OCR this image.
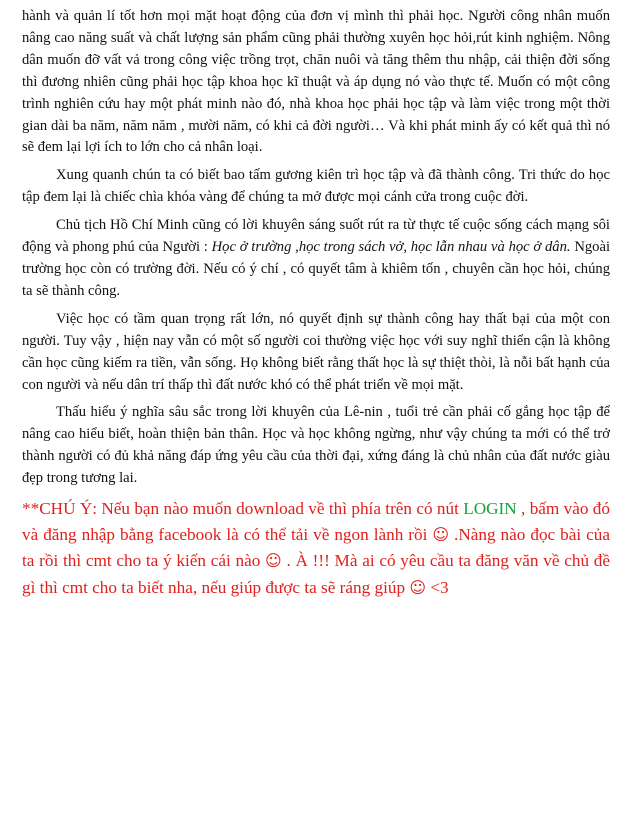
hành và quản lí tốt hơn mọi mặt hoạt động của đơn vị mình thì phải học. Người công nhân muốn nâng cao năng suất và chất lượng sản phẩm cũng phải thường xuyên học hỏi,rút kinh nghiệm. Nông dân muốn đỡ vất vả trong công việc trồng trọt, chăn nuôi và tăng thêm thu nhập, cải thiện đời sống thì đương nhiên cũng phải học tập khoa học kĩ thuật và áp dụng nó vào thực tế. Muốn có một công trình nghiên cứu hay một phát minh nào đó, nhà khoa học phải học tập và làm việc trong một thời gian dài ba năm, năm năm , mười năm, có khi cả đời người… Và khi phát minh ấy có kết quả thì nó sẽ đem lại lợi ích to lớn cho cả nhân loại.

Xung quanh chún ta có biết bao tấm gương kiên trì học tập và đã thành công. Tri thức do học tập đem lại là chiếc chìa khóa vàng để chúng ta mở được mọi cánh cửa trong cuộc đời.

Chủ tịch Hồ Chí Minh cũng có lời khuyên sáng suốt rút ra từ thực tế cuộc sống cách mạng sôi động và phong phú của Người : Học ở trường ,học trong sách vở, học lẫn nhau và học ở dân. Ngoài trường học còn có trường đời. Nếu có ý chí , có quyết tâm à khiêm tốn , chuyên cần học hỏi, chúng ta sẽ thành công.

Việc học có tầm quan trọng rất lớn, nó quyết định sự thành công hay thất bại của một con người. Tuy vậy , hiện nay vẫn có một số người coi thường việc học với suy nghĩ thiển cận là không cần học cũng kiếm ra tiền, vẫn sống. Họ không biết rằng thất học là sự thiệt thòi, là nỗi bất hạnh của con người và nếu dân trí thấp thì đất nước khó có thể phát triển về mọi mặt.

Thấu hiểu ý nghĩa sâu sắc trong lời khuyên của Lê-nin , tuổi trẻ cần phải cố gắng học tập để nâng cao hiểu biết, hoàn thiện bản thân. Học và học không ngừng, như vậy chúng ta mới có thể trở thành người có đủ khả năng đáp ứng yêu cầu của thời đại, xứng đáng là chủ nhân của đất nước giàu đẹp trong tương lai.

**CHÚ Ý: Nếu bạn nào muốn download về thì phía trên có nút LOGIN , bấm vào đó và đăng nhập bằng facebook là có thể tải về ngon lành rồi ☺ .Nàng nào đọc bài của ta rồi thì cmt cho ta ý kiến cái nào ☺ . À !!! Mà ai có yêu cầu ta đăng văn về chủ đề gì thì cmt cho ta biết nha, nếu giúp được ta sẽ ráng giúp ☺ <3
